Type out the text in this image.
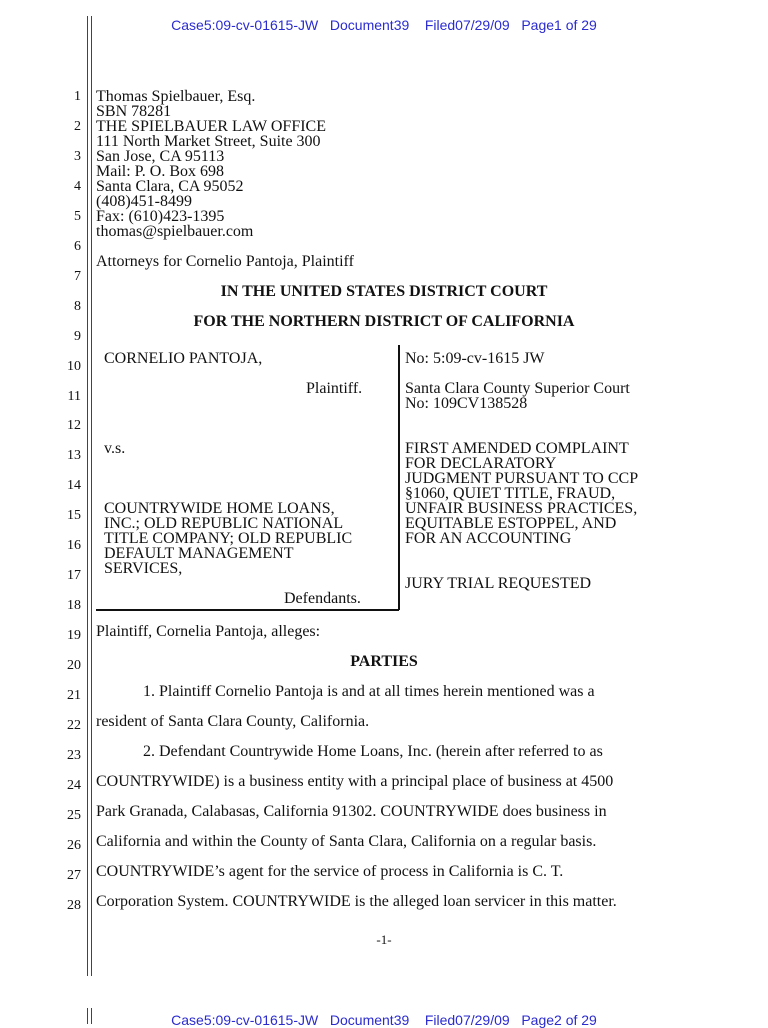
Case5:09-cv-01615-JW   Document39    Filed07/29/09   Page1 of 29
1
2
3
4
5
6
7
8
9
10
11
12
13
14
15
16
17
18
19
20
21
22
23
24
25
26
27
28
Thomas Spielbauer, Esq.
SBN 78281
THE SPIELBAUER LAW OFFICE
111 North Market Street, Suite 300
San Jose, CA 95113
Mail: P. O. Box 698
Santa Clara, CA 95052
(408)451-8499
Fax: (610)423-1395
thomas@spielbauer.com
Attorneys for Cornelio Pantoja, Plaintiff
IN THE UNITED STATES DISTRICT COURT
FOR THE NORTHERN DISTRICT OF CALIFORNIA
CORNELIO PANTOJA,
Plaintiff.
v.s.
COUNTRYWIDE HOME LOANS,
INC.; OLD REPUBLIC NATIONAL
TITLE COMPANY; OLD REPUBLIC
DEFAULT MANAGEMENT
SERVICES,
Defendants.
No: 5:09-cv-1615 JW
Santa Clara County Superior Court
No: 109CV138528
FIRST AMENDED COMPLAINT
FOR DECLARATORY
JUDGMENT PURSUANT TO CCP
§1060, QUIET TITLE, FRAUD,
UNFAIR BUSINESS PRACTICES,
EQUITABLE ESTOPPEL, AND
FOR AN ACCOUNTING
JURY TRIAL REQUESTED
Plaintiff, Cornelia Pantoja, alleges:
PARTIES
1. Plaintiff Cornelio Pantoja is and at all times herein mentioned was a
resident of Santa Clara County, California.
2. Defendant Countrywide Home Loans, Inc. (herein after referred to as
COUNTRYWIDE) is a business entity with a principal place of business at 4500
Park Granada, Calabasas, California 91302. COUNTRYWIDE does business in
California and within the County of Santa Clara, California on a regular basis.
COUNTRYWIDE’s agent for the service of process in California is C. T.
Corporation System. COUNTRYWIDE is the alleged loan servicer in this matter.
-1-
Case5:09-cv-01615-JW   Document39    Filed07/29/09   Page2 of 29
